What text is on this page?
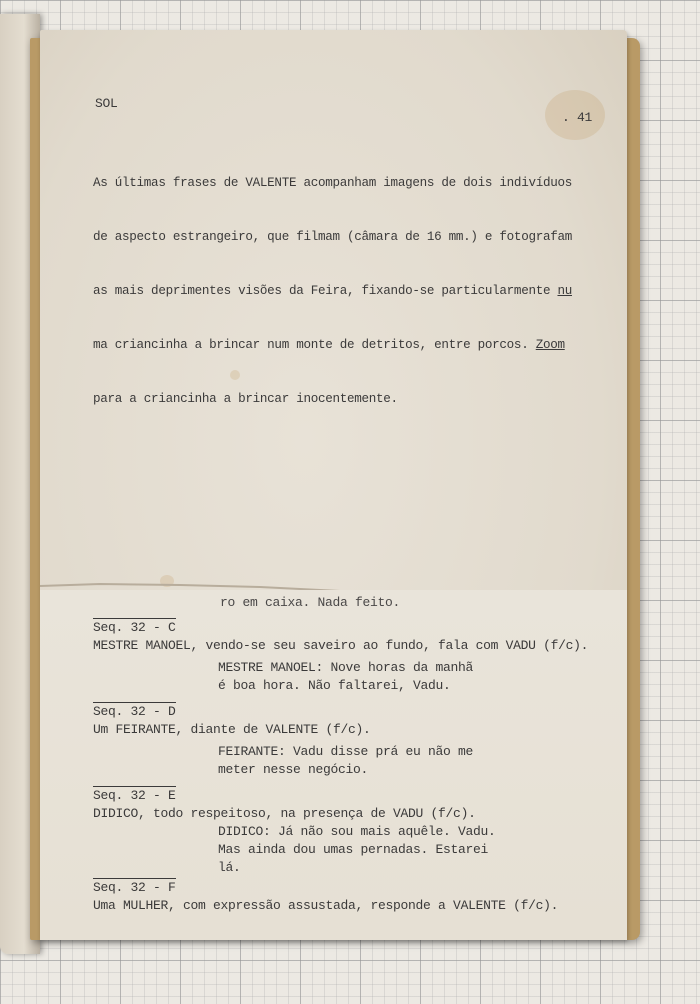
SOL

. 41

As últimas frases de VALENTE acompanham imagens de dois indivíduos

de aspecto estrangeiro, que filmam (câmara de 16 mm.) e fotografam

as mais deprimentes visões da Feira, fixando-se particularmente nu

ma criancinha a brincar num monte de detritos, entre porcos. Zoom

para a criancinha a brincar inocentemente.

ro em caixa. Nada feito.

Seq. 32 - C

MESTRE MANOEL, vendo-se seu saveiro ao fundo, fala com VADU (f/c).

MESTRE MANOEL: Nove horas da manhã

é boa hora. Não faltarei, Vadu.

Seq. 32 - D

Um FEIRANTE, diante de VALENTE (f/c).

FEIRANTE: Vadu disse prá eu não me

meter nesse negócio.

Seq. 32 - E

DIDICO, todo respeitoso, na presença de VADU (f/c).

DIDICO: Já não sou mais aquêle. Vadu.

Mas ainda dou umas pernadas. Estarei

lá.

Seq. 32 - F

Uma MULHER, com expressão assustada, responde a VALENTE (f/c).
